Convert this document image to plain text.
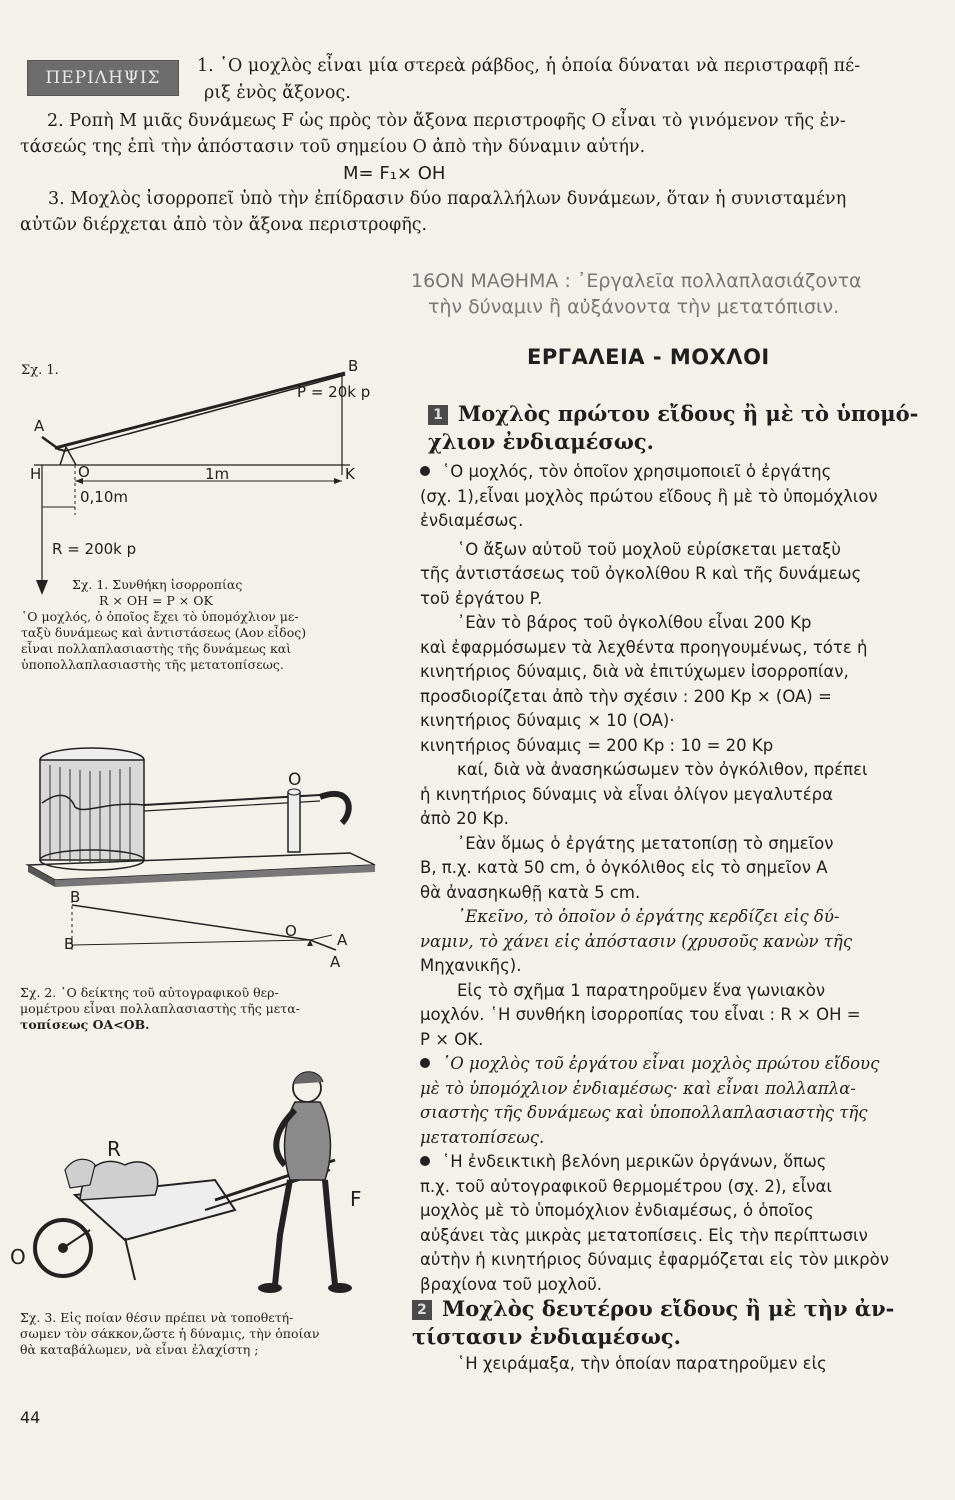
ΠΕΡΙΛΗΨΙΣ
1. ῾Ο μοχλὸς εἶναι μία στερεὰ ράβδος, ἡ ὁποία δύναται νὰ περιστραφῇ πέ-
ριξ ἑνὸς ἄξονος.
2. Ροπὴ Μ μιᾶς δυνάμεως F ὡς πρὸς τὸν ἄξονα περιστροφῆς Ο εἶναι τὸ γινόμενον τῆς ἐν-
τάσεώς της ἐπὶ τὴν ἀπόστασιν τοῦ σημείου Ο ἀπὸ τὴν δύναμιν αὐτήν.
M= F₁× OH
3. Μοχλὸς ἰσορροπεῖ ὑπὸ τὴν ἐπίδρασιν δύο παραλλήλων δυνάμεων, ὅταν ἡ συνισταμένη
αὐτῶν διέρχεται ἀπὸ τὸν ἄξονα περιστροφῆς.
16ΟΝ ΜΑΘΗΜΑ : ᾿Εργαλεῖα πολλαπλασιάζοντα
τὴν δύναμιν ἢ αὐξάνοντα τὴν μετατόπισιν.
ΕΡΓΑΛΕΙΑ - ΜΟΧΛΟΙ
1 Μοχλὸς πρώτου εἴδους ἢ μὲ τὸ ὑπομό-
χλιον ἐνδιαμέσως.
῾Ο μοχλός, τὸν ὁποῖον χρησιμοποιεῖ ὁ ἐργάτης
(σχ. 1),εἶναι μοχλὸς πρώτου εἴδους ἢ μὲ τὸ ὑπομόχλιον
ἐνδιαμέσως.
῾Ο ἄξων αὐτοῦ τοῦ μοχλοῦ εὑρίσκεται μεταξὺ
τῆς ἀντιστάσεως τοῦ ὀγκολίθου R καὶ τῆς δυνάμεως
τοῦ ἐργάτου P.
᾿Εὰν τὸ βάρος τοῦ ὀγκολίθου εἶναι 200 Kp
καὶ ἐφαρμόσωμεν τὰ λεχθέντα προηγουμένως, τότε ἡ
κινητήριος δύναμις, διὰ νὰ ἐπιτύχωμεν ἰσορροπίαν,
προσδιορίζεται ἀπὸ τὴν σχέσιν : 200 Kp × (OA) =
κινητήριος δύναμις × 10 (OA)·
κινητήριος δύναμις = 200 Kp : 10 = 20 Kp
καί, διὰ νὰ ἀνασηκώσωμεν τὸν ὀγκόλιθον, πρέπει
ἡ κινητήριος δύναμις νὰ εἶναι ὀλίγον μεγαλυτέρα
ἀπὸ 20 Kp.
᾿Εὰν ὅμως ὁ ἐργάτης μετατοπίσῃ τὸ σημεῖον
B, π.χ. κατὰ 50 cm, ὁ ὀγκόλιθος εἰς τὸ σημεῖον A
θὰ ἀνασηκωθῇ κατὰ 5 cm.
᾿Εκεῖνο, τὸ ὁποῖον ὁ ἐργάτης κερδίζει εἰς δύ-
ναμιν, τὸ χάνει εἰς ἀπόστασιν (χρυσοῦς κανὼν τῆς
Μηχανικῆς).
Εἰς τὸ σχῆμα 1 παρατηροῦμεν ἕνα γωνιακὸν
μοχλόν. ῾Η συνθήκη ἰσορροπίας του εἶναι : R × OH =
P × OK.
῾Ο μοχλὸς τοῦ ἐργάτου εἶναι μοχλὸς πρώτου εἴδους
μὲ τὸ ὑπομόχλιον ἐνδιαμέσως· καὶ εἶναι πολλαπλα-
σιαστὴς τῆς δυνάμεως καὶ ὑποπολλαπλασιαστὴς τῆς
μετατοπίσεως.
῾Η ἐνδεικτικὴ βελόνη μερικῶν ὀργάνων, ὅπως
π.χ. τοῦ αὐτογραφικοῦ θερμομέτρου (σχ. 2), εἶναι
μοχλὸς μὲ τὸ ὑπομόχλιον ἐνδιαμέσως, ὁ ὁποῖος
αὐξάνει τὰς μικρὰς μετατοπίσεις. Εἰς τὴν περίπτωσιν
αὐτὴν ἡ κινητήριος δύναμις ἐφαρμόζεται εἰς τὸν μικρὸν
βραχίονα τοῦ μοχλοῦ.
2 Μοχλὸς δευτέρου εἴδους ἢ μὲ τὴν ἀν-
τίστασιν ἐνδιαμέσως.
῾Η χειράμαξα, τὴν ὁποίαν παρατηροῦμεν εἰς
Σχ. 1.
A
B
P = 20k p
H O	1m	K
0,10m
R = 200k p
Σχ. 1. Συνθήκη ἰσορροπίας
R × OH = P × OK
῾Ο μοχλός, ὁ ὁποῖος ἔχει τὸ ὑπομόχλιον με-
ταξὺ δυνάμεως καὶ ἀντιστάσεως (Αον εἶδος)
εἶναι πολλαπλασιαστὴς τῆς δυνάμεως καὶ
ὑποπολλαπλασιαστὴς τῆς μετατοπίσεως.
O
B
B
O	A
A
Σχ. 2. ῾Ο δείκτης τοῦ αὐτογραφικοῦ θερ-
μομέτρου εἶναι πολλαπλασιαστὴς τῆς μετα-
τοπίσεως OA<OB.
R
F
O
Σχ. 3. Εἰς ποίαν θέσιν πρέπει νὰ τοποθετή-
σωμεν τὸν σάκκον,ὥστε ἡ δύναμις, τὴν ὁποίαν
θὰ καταβάλωμεν, νὰ εἶναι ἐλαχίστη ;
44
